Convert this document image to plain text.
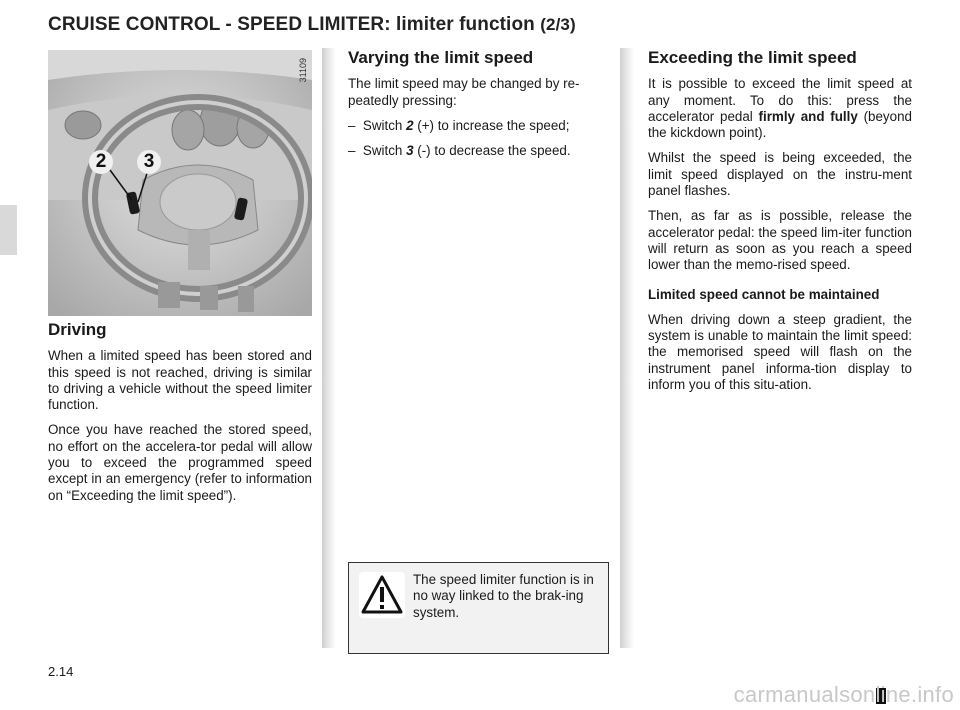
CRUISE CONTROL - SPEED LIMITER: limiter function (2/3)
31109
2	3
Driving

When a limited speed has been stored and this speed is not reached, driving is similar to driving a vehicle without the speed limiter function.

Once you have reached the stored speed, no effort on the accelera-tor pedal will allow you to exceed the programmed speed except in an emergency (refer to information on “Exceeding the limit speed”).

Varying the limit speed

The limit speed may be changed by re-peatedly pressing:

– Switch 2 (+) to increase the speed;
– Switch 3 (-) to decrease the speed.
The speed limiter function is in no way linked to the brak-ing system.
Exceeding the limit speed

It is possible to exceed the limit speed at any moment. To do this: press the accelerator pedal firmly and fully (beyond the kickdown point).

Whilst the speed is being exceeded, the limit speed displayed on the instru-ment panel flashes.

Then, as far as is possible, release the accelerator pedal: the speed lim-iter function will return as soon as you reach a speed lower than the memo-rised speed.

Limited speed cannot be maintained

When driving down a steep gradient, the system is unable to maintain the limit speed: the memorised speed will flash on the instrument panel informa-tion display to inform you of this situ-ation.

2.14
carmanualsonline.info
